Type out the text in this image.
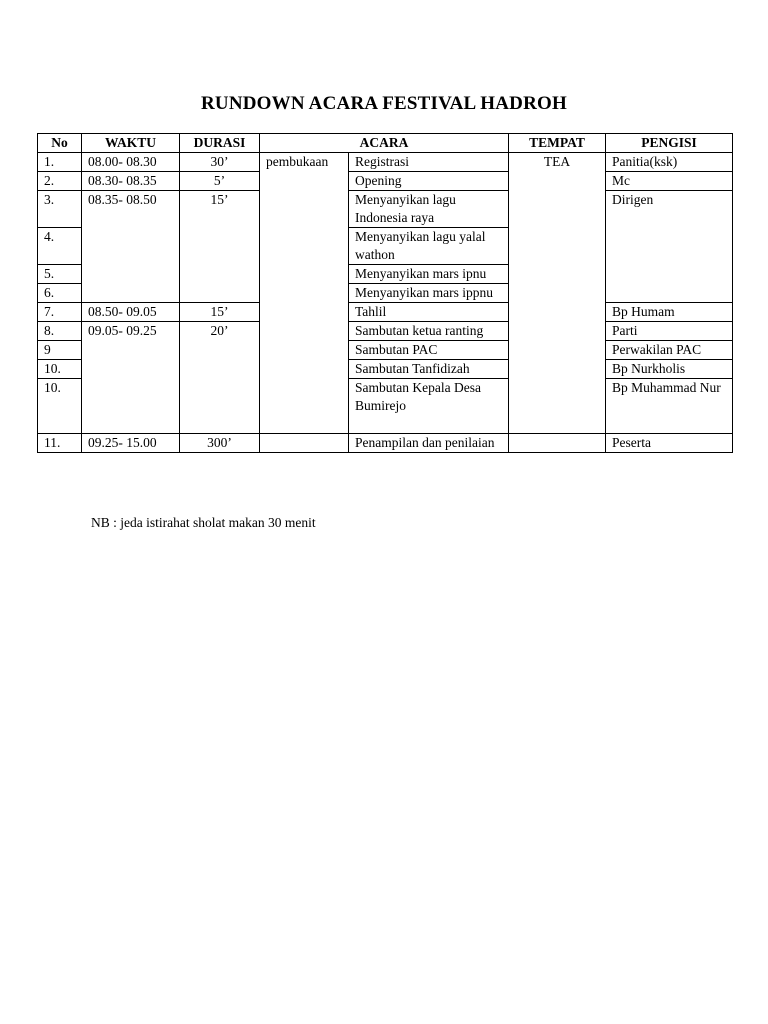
RUNDOWN ACARA FESTIVAL HADROH
No	WAKTU	DURASI	ACARA		TEMPAT	PENGISI
1.	08.00- 08.30	30’	pembukaan	Registrasi	TEA	Panitia(ksk)
2.	08.30- 08.35	5’		Opening		Mc
3.	08.35- 08.50	15’		Menyanyikan lagu Indonesia raya		Dirigen
4.				Menyanyikan lagu yalal wathon		
5.				Menyanyikan mars ipnu		
6.				Menyanyikan mars ippnu		
7.	08.50- 09.05	15’		Tahlil		Bp Humam
8.	09.05- 09.25	20’		Sambutan ketua ranting		Parti
9				Sambutan PAC		Perwakilan PAC
10.				Sambutan Tanfidizah		Bp Nurkholis
10.				Sambutan Kepala Desa Bumirejo		Bp Muhammad Nur
11.	09.25- 15.00	300’		Penampilan dan penilaian		Peserta
NB : jeda istirahat sholat makan 30 menit
